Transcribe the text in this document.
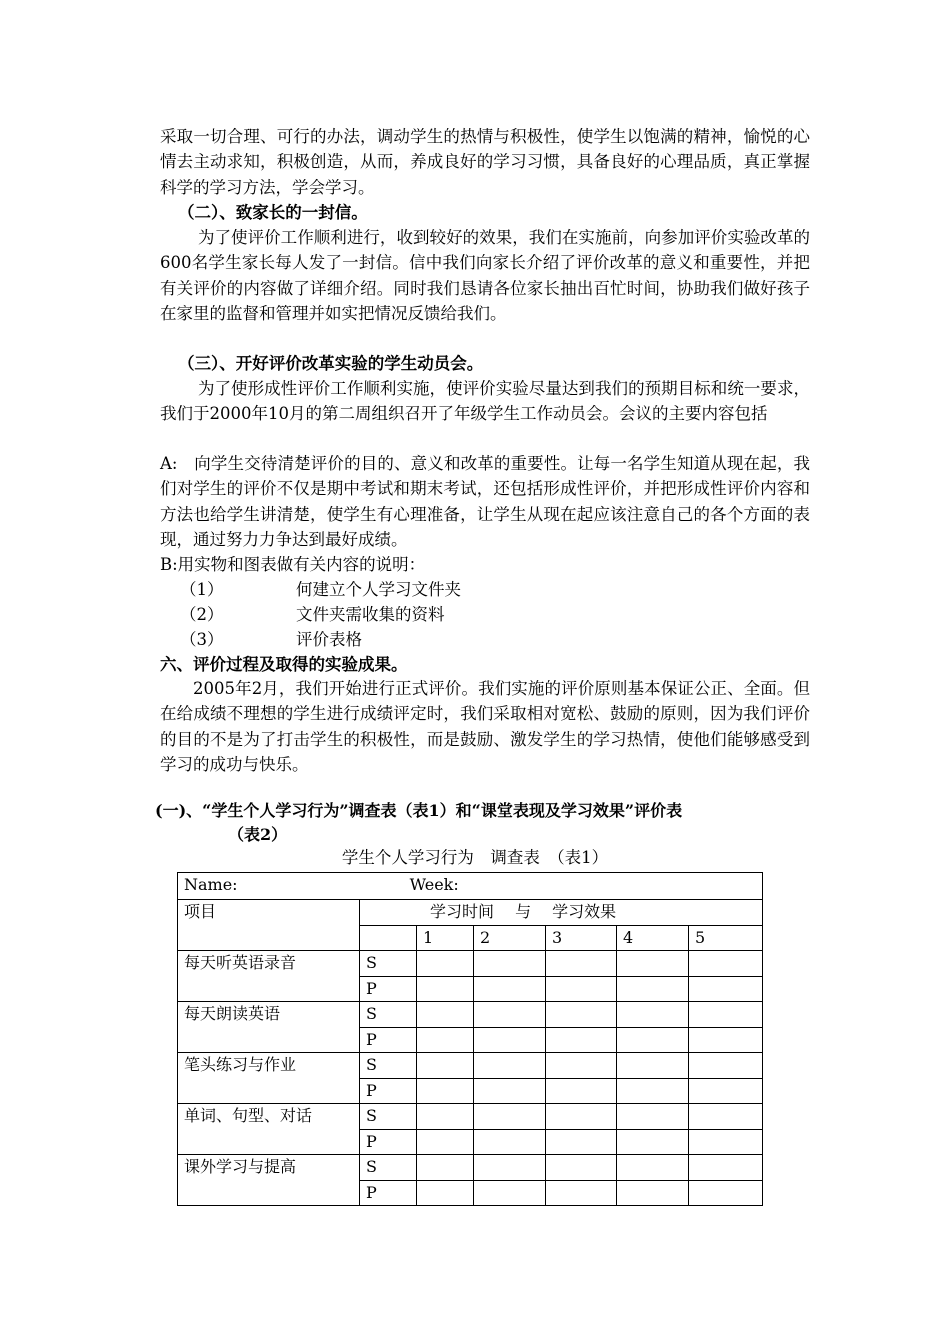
采取一切合理、可行的办法，调动学生的热情与积极性，使学生以饱满的精神，愉悦的心情去主动求知，积极创造，从而，养成良好的学习习惯，具备良好的心理品质，真正掌握科学的学习方法，学会学习。

（二）、致家长的一封信。

为了使评价工作顺利进行，收到较好的效果，我们在实施前，向参加评价实验改革的600名学生家长每人发了一封信。信中我们向家长介绍了评价改革的意义和重要性，并把有关评价的内容做了详细介绍。同时我们恳请各位家长抽出百忙时间，协助我们做好孩子在家里的监督和管理并如实把情况反馈给我们。

（三）、开好评价改革实验的学生动员会。

为了使形成性评价工作顺利实施，使评价实验尽量达到我们的预期目标和统一要求，我们于2000年10月的第二周组织召开了年级学生工作动员会。会议的主要内容包括

A:　向学生交待清楚评价的目的、意义和改革的重要性。让每一名学生知道从现在起，我们对学生的评价不仅是期中考试和期末考试，还包括形成性评价，并把形成性评价内容和方法也给学生讲清楚，使学生有心理准备，让学生从现在起应该注意自己的各个方面的表现，通过努力力争达到最好成绩。

B:用实物和图表做有关内容的说明：

（1）	何建立个人学习文件夹
（2）	文件夹需收集的资料
（3）	评价表格

六、评价过程及取得的实验成果。

2005年2月，我们开始进行正式评价。我们实施的评价原则基本保证公正、全面。但在给成绩不理想的学生进行成绩评定时，我们采取相对宽松、鼓励的原则，因为我们评价的目的不是为了打击学生的积极性，而是鼓励、激发学生的学习热情，使他们能够感受到学习的成功与快乐。

(一)、“学生个人学习行为”调查表（表1）和“课堂表现及学习效果”评价表

（表2）

学生个人学习行为　调查表　（表1）
Name: Week:						
项目	学习时间　 与　 学习效果					
		1	2	3	4	5
每天听英语录音	S					
	P					
每天朗读英语	S					
	P					
笔头练习与作业	S					
	P					
单词、句型、对话	S					
	P					
课外学习与提高	S					
	P					
